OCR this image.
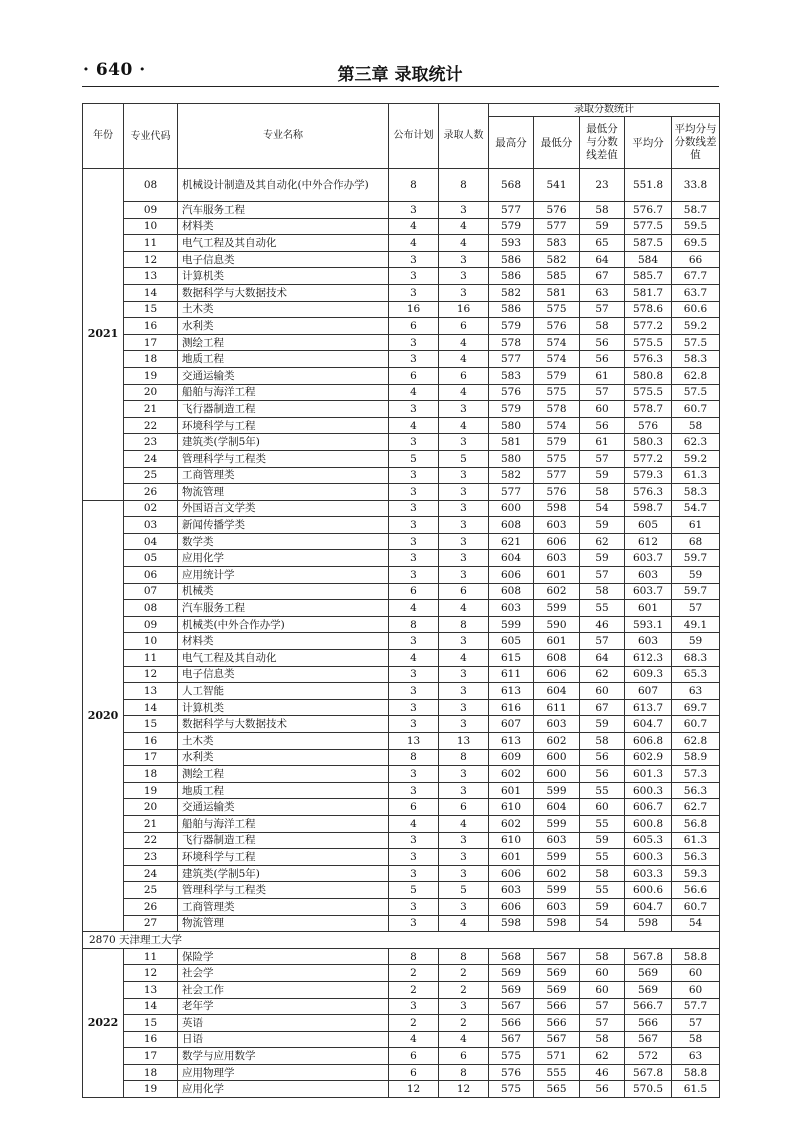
· 640 ·	第三章 录取统计
年份	专业代码	专业名称	公布计划	录取人数	录取分数统计				
					最高分	最低分	最低分与分数线差值	平均分	平均分与分数线差值
2021	08	机械设计制造及其自动化(中外合作办学)	8	8	568	541	23	551.8	33.8
	09	汽车服务工程	3	3	577	576	58	576.7	58.7
	10	材料类	4	4	579	577	59	577.5	59.5
	11	电气工程及其自动化	4	4	593	583	65	587.5	69.5
	12	电子信息类	3	3	586	582	64	584	66
	13	计算机类	3	3	586	585	67	585.7	67.7
	14	数据科学与大数据技术	3	3	582	581	63	581.7	63.7
	15	土木类	16	16	586	575	57	578.6	60.6
	16	水利类	6	6	579	576	58	577.2	59.2
	17	测绘工程	3	4	578	574	56	575.5	57.5
	18	地质工程	3	4	577	574	56	576.3	58.3
	19	交通运输类	6	6	583	579	61	580.8	62.8
	20	船舶与海洋工程	4	4	576	575	57	575.5	57.5
	21	飞行器制造工程	3	3	579	578	60	578.7	60.7
	22	环境科学与工程	4	4	580	574	56	576	58
	23	建筑类(学制5年)	3	3	581	579	61	580.3	62.3
	24	管理科学与工程类	5	5	580	575	57	577.2	59.2
	25	工商管理类	3	3	582	577	59	579.3	61.3
	26	物流管理	3	3	577	576	58	576.3	58.3
2020	02	外国语言文学类	3	3	600	598	54	598.7	54.7
	03	新闻传播学类	3	3	608	603	59	605	61
	04	数学类	3	3	621	606	62	612	68
	05	应用化学	3	3	604	603	59	603.7	59.7
	06	应用统计学	3	3	606	601	57	603	59
	07	机械类	6	6	608	602	58	603.7	59.7
	08	汽车服务工程	4	4	603	599	55	601	57
	09	机械类(中外合作办学)	8	8	599	590	46	593.1	49.1
	10	材料类	3	3	605	601	57	603	59
	11	电气工程及其自动化	4	4	615	608	64	612.3	68.3
	12	电子信息类	3	3	611	606	62	609.3	65.3
	13	人工智能	3	3	613	604	60	607	63
	14	计算机类	3	3	616	611	67	613.7	69.7
	15	数据科学与大数据技术	3	3	607	603	59	604.7	60.7
	16	土木类	13	13	613	602	58	606.8	62.8
	17	水利类	8	8	609	600	56	602.9	58.9
	18	测绘工程	3	3	602	600	56	601.3	57.3
	19	地质工程	3	3	601	599	55	600.3	56.3
	20	交通运输类	6	6	610	604	60	606.7	62.7
	21	船舶与海洋工程	4	4	602	599	55	600.8	56.8
	22	飞行器制造工程	3	3	610	603	59	605.3	61.3
	23	环境科学与工程	3	3	601	599	55	600.3	56.3
	24	建筑类(学制5年)	3	3	606	602	58	603.3	59.3
	25	管理科学与工程类	5	5	603	599	55	600.6	56.6
	26	工商管理类	3	3	606	603	59	604.7	60.7
	27	物流管理	3	4	598	598	54	598	54
2870 天津理工大学									
2022	11	保险学	8	8	568	567	58	567.8	58.8
	12	社会学	2	2	569	569	60	569	60
	13	社会工作	2	2	569	569	60	569	60
	14	老年学	3	3	567	566	57	566.7	57.7
	15	英语	2	2	566	566	57	566	57
	16	日语	4	4	567	567	58	567	58
	17	数学与应用数学	6	6	575	571	62	572	63
	18	应用物理学	6	8	576	555	46	567.8	58.8
	19	应用化学	12	12	575	565	56	570.5	61.5
